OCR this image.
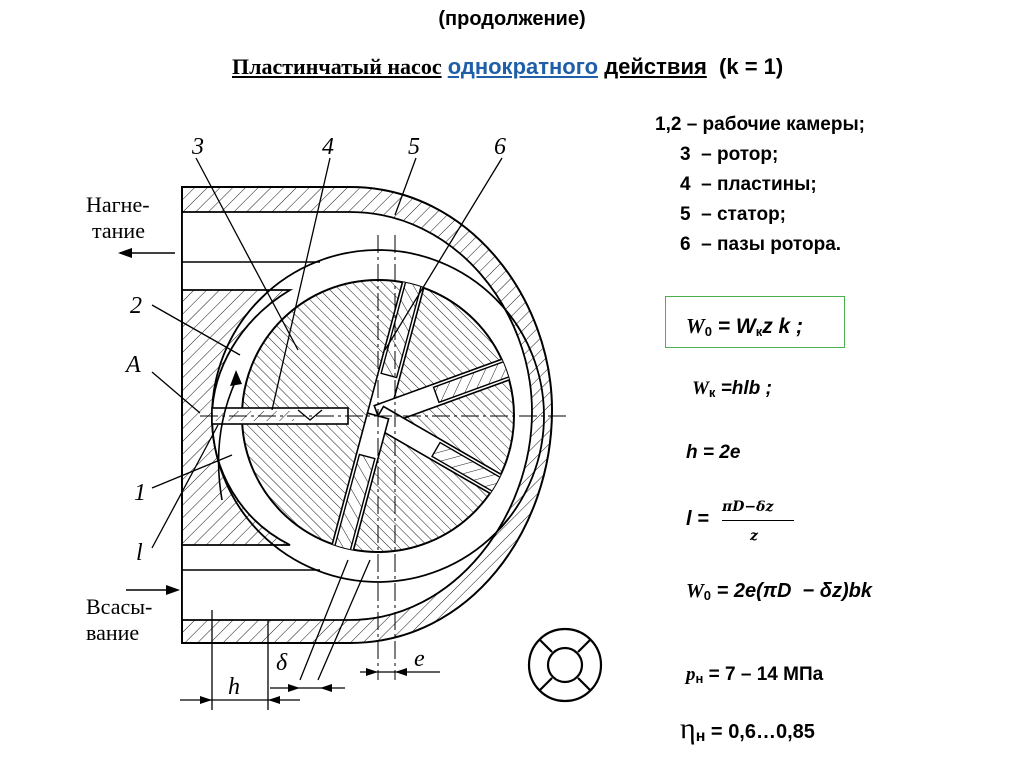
(продолжение)
Пластинчатый насос однократного действия (k = 1)
1,2 – рабочие камеры;
3  – ротор;
4  – пластины;
5  – статор;
6  – пазы ротора.
$W_0 = W_кz$ k ;
$W_к =hlb$ ;
h = 2e
l =
πD−δz
z
$W_0 = 2e(\pi D - \delta z)bk$
$p_н = 7 - 14$ МПа
ηн = 0,6…0,85
3	4	5	6
2
A
1
l
h
δ	e
Нагне-
тание
Всасы-
вание
